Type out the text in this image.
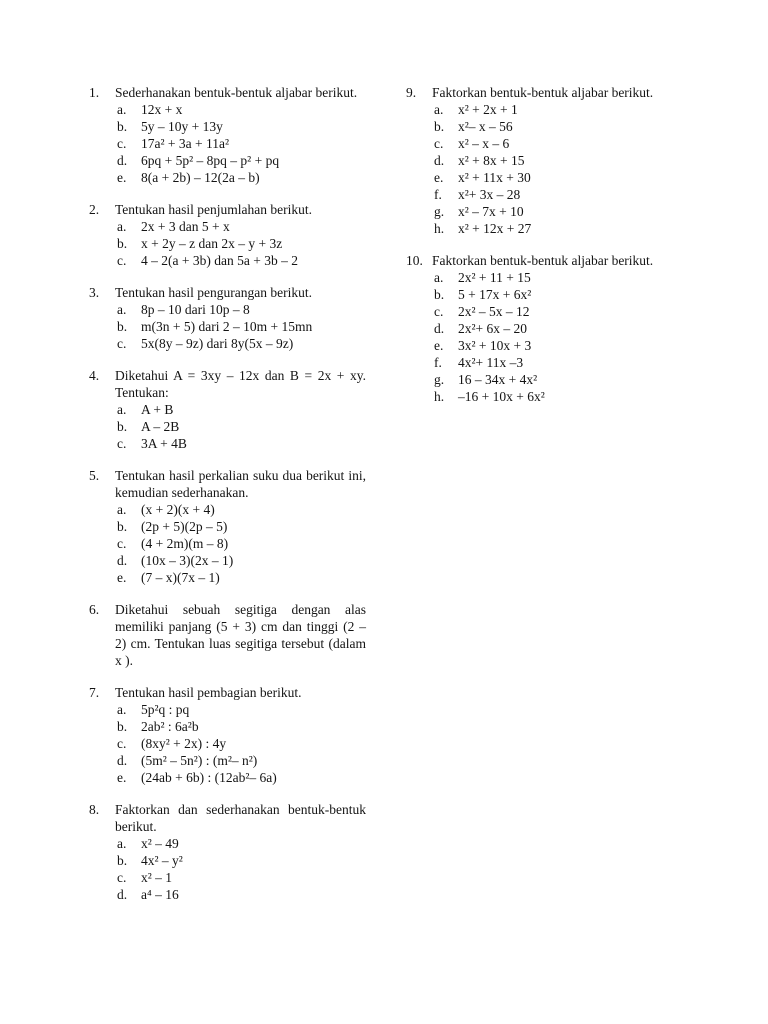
1.	Sederhanakan bentuk-bentuk aljabar berikut.
a.	12x + x
b.	5y – 10y + 13y
c.	17a² + 3a + 11a²
d.	6pq + 5p² – 8pq – p² + pq
e.	8(a + 2b) – 12(2a – b)
2.	Tentukan hasil penjumlahan berikut.
a.	2x + 3 dan 5 + x
b.	x + 2y – z dan 2x – y + 3z
c.	4 – 2(a + 3b) dan 5a + 3b – 2
3.	Tentukan hasil pengurangan berikut.
a.	8p – 10 dari 10p – 8
b.	m(3n + 5) dari 2 – 10m + 15mn
c.	5x(8y – 9z) dari 8y(5x – 9z)
4.	Diketahui A = 3xy – 12x dan B = 2x + xy. Tentukan:
a.	A + B
b.	A – 2B
c.	3A + 4B
5.	Tentukan hasil perkalian suku dua berikut ini, kemudian sederhanakan.
a.	(x + 2)(x + 4)
b.	(2p + 5)(2p – 5)
c.	(4 + 2m)(m – 8)
d.	(10x – 3)(2x – 1)
e.	(7 – x)(7x – 1)
6.	Diketahui sebuah segitiga dengan alas memiliki panjang (5 + 3) cm dan tinggi (2 – 2) cm. Tentukan luas segitiga tersebut (dalam x ).
7.	Tentukan hasil pembagian berikut.
a.	5p²q : pq
b.	2ab² : 6a²b
c.	(8xy² + 2x) : 4y
d.	(5m² – 5n²) : (m²– n²)
e.	(24ab + 6b) : (12ab²– 6a)
8.	Faktorkan dan sederhanakan bentuk-bentuk berikut.
a.	x² – 49
b.	4x² – y²
c.	x² – 1
d.	a⁴ – 16
9.	Faktorkan bentuk-bentuk aljabar berikut.
a.	x² + 2x + 1
b.	x²– x – 56
c.	x² – x – 6
d.	x² + 8x + 15
e.	x² + 11x + 30
f.	x²+ 3x – 28
g.	x² – 7x + 10
h.	x² + 12x + 27
10. Faktorkan bentuk-bentuk aljabar berikut.
a.	2x² + 11 + 15
b.	5 + 17x + 6x²
c.	2x² – 5x – 12
d.	2x²+ 6x – 20
e.	3x² + 10x + 3
f.	4x²+ 11x –3
g.	16 – 34x + 4x²
h.	–16 + 10x + 6x²
